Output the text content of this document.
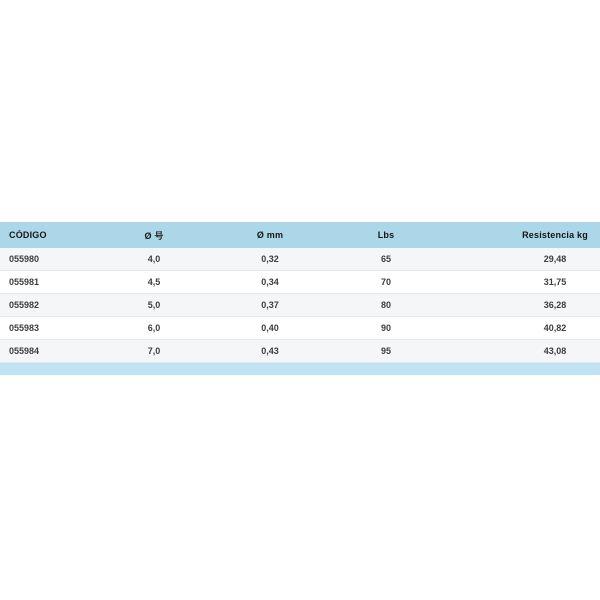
CÓDIGO	Ø 号	Ø mm	Lbs	Resistencia kg
055980	4,0	0,32	65	29,48
055981	4,5	0,34	70	31,75
055982	5,0	0,37	80	36,28
055983	6,0	0,40	90	40,82
055984	7,0	0,43	95	43,08
